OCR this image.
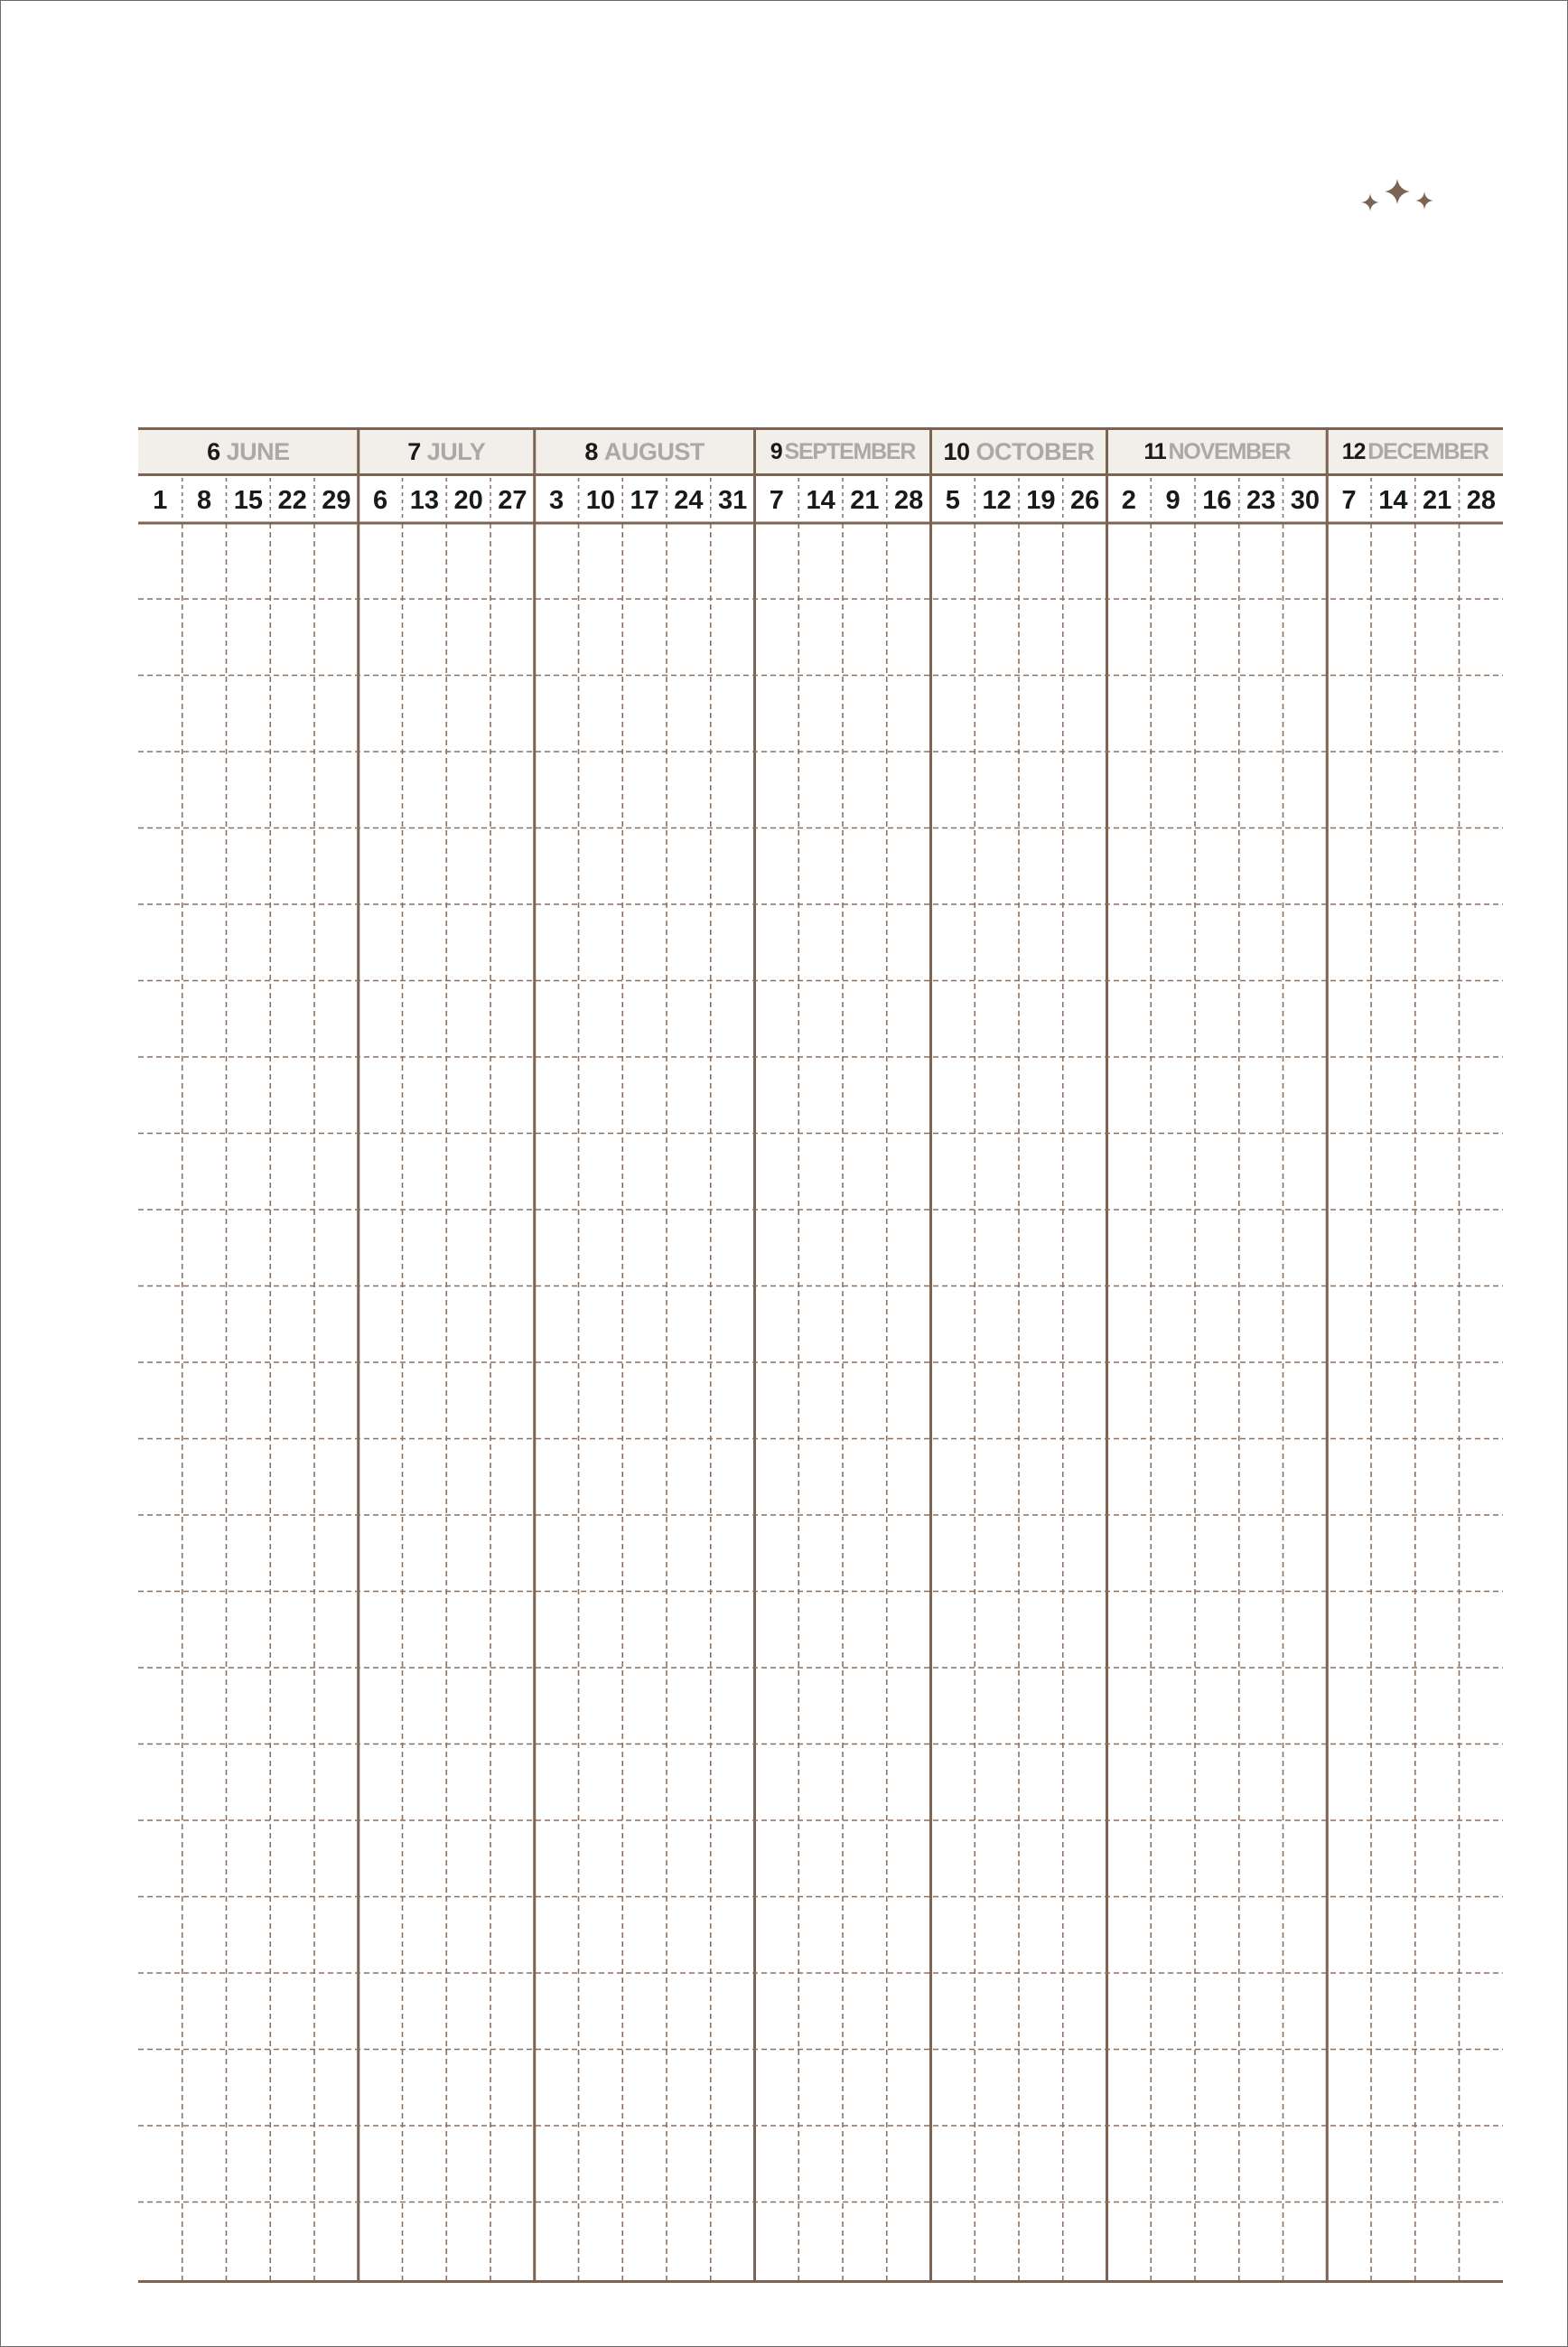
6 JUNE
1	8 15 22 29
7 JULY
6 13 20 27
8 AUGUST
3 10 17 24 31
9 SEPTEMBER
7 14 21 28
10 OCTOBER
5 12 19 26
11 NOVEMBER
2	9 16 23 30
12 DECEMBER
7 14 21 28
